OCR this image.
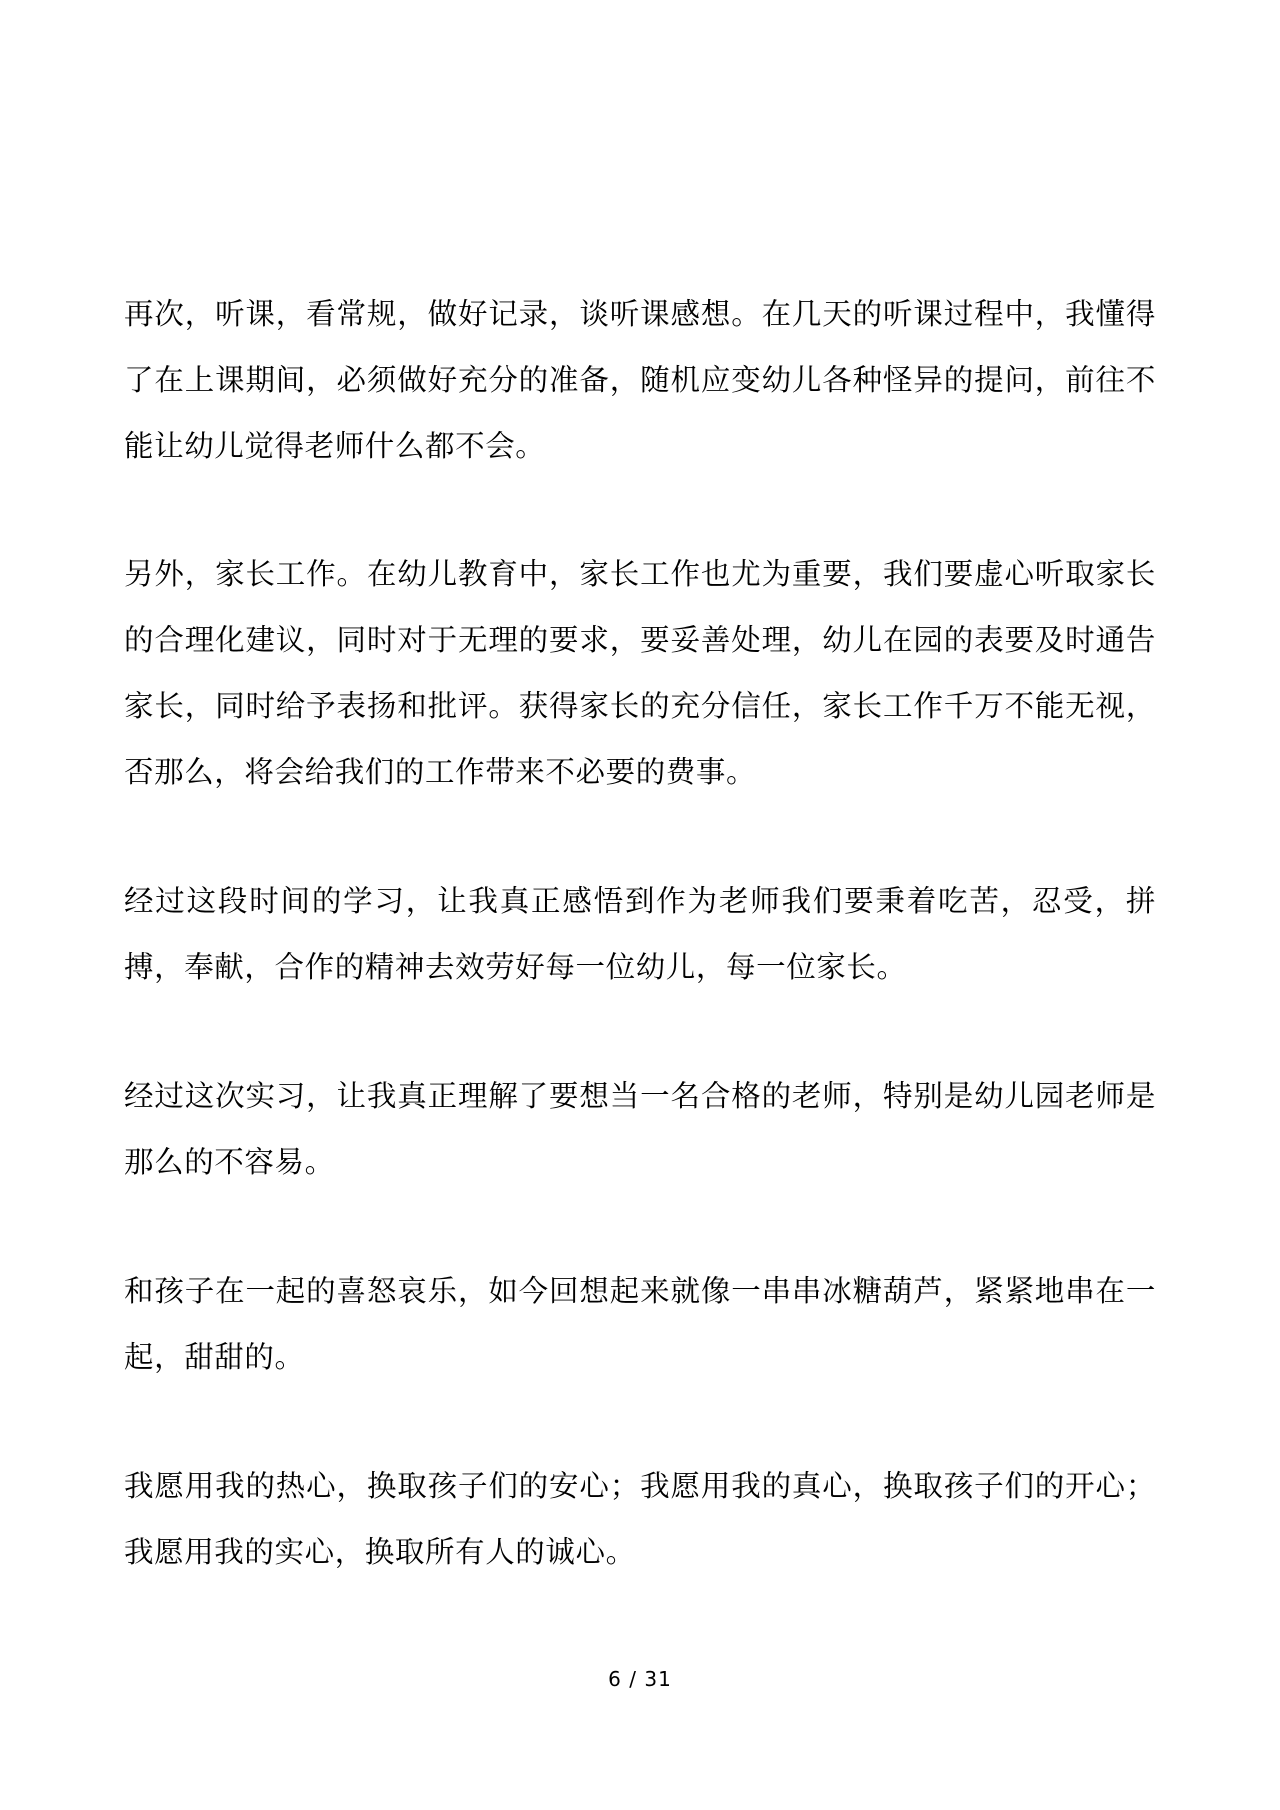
再次，听课，看常规，做好记录，谈听课感想。在几天的听课过程中，我懂得了在上课期间，必须做好充分的准备，随机应变幼儿各种怪异的提问，前往不能让幼儿觉得老师什么都不会。

另外，家长工作。在幼儿教育中，家长工作也尤为重要，我们要虚心听取家长的合理化建议，同时对于无理的要求，要妥善处理，幼儿在园的表要及时通告家长，同时给予表扬和批评。获得家长的充分信任，家长工作千万不能无视，否那么，将会给我们的工作带来不必要的费事。

经过这段时间的学习，让我真正感悟到作为老师我们要秉着吃苦，忍受，拼搏，奉献，合作的精神去效劳好每一位幼儿，每一位家长。

经过这次实习，让我真正理解了要想当一名合格的老师，特别是幼儿园老师是那么的不容易。

和孩子在一起的喜怒哀乐，如今回想起来就像一串串冰糖葫芦，紧紧地串在一起，甜甜的。

我愿用我的热心，换取孩子们的安心；我愿用我的真心，换取孩子们的开心；我愿用我的实心，换取所有人的诚心。

6 / 31
